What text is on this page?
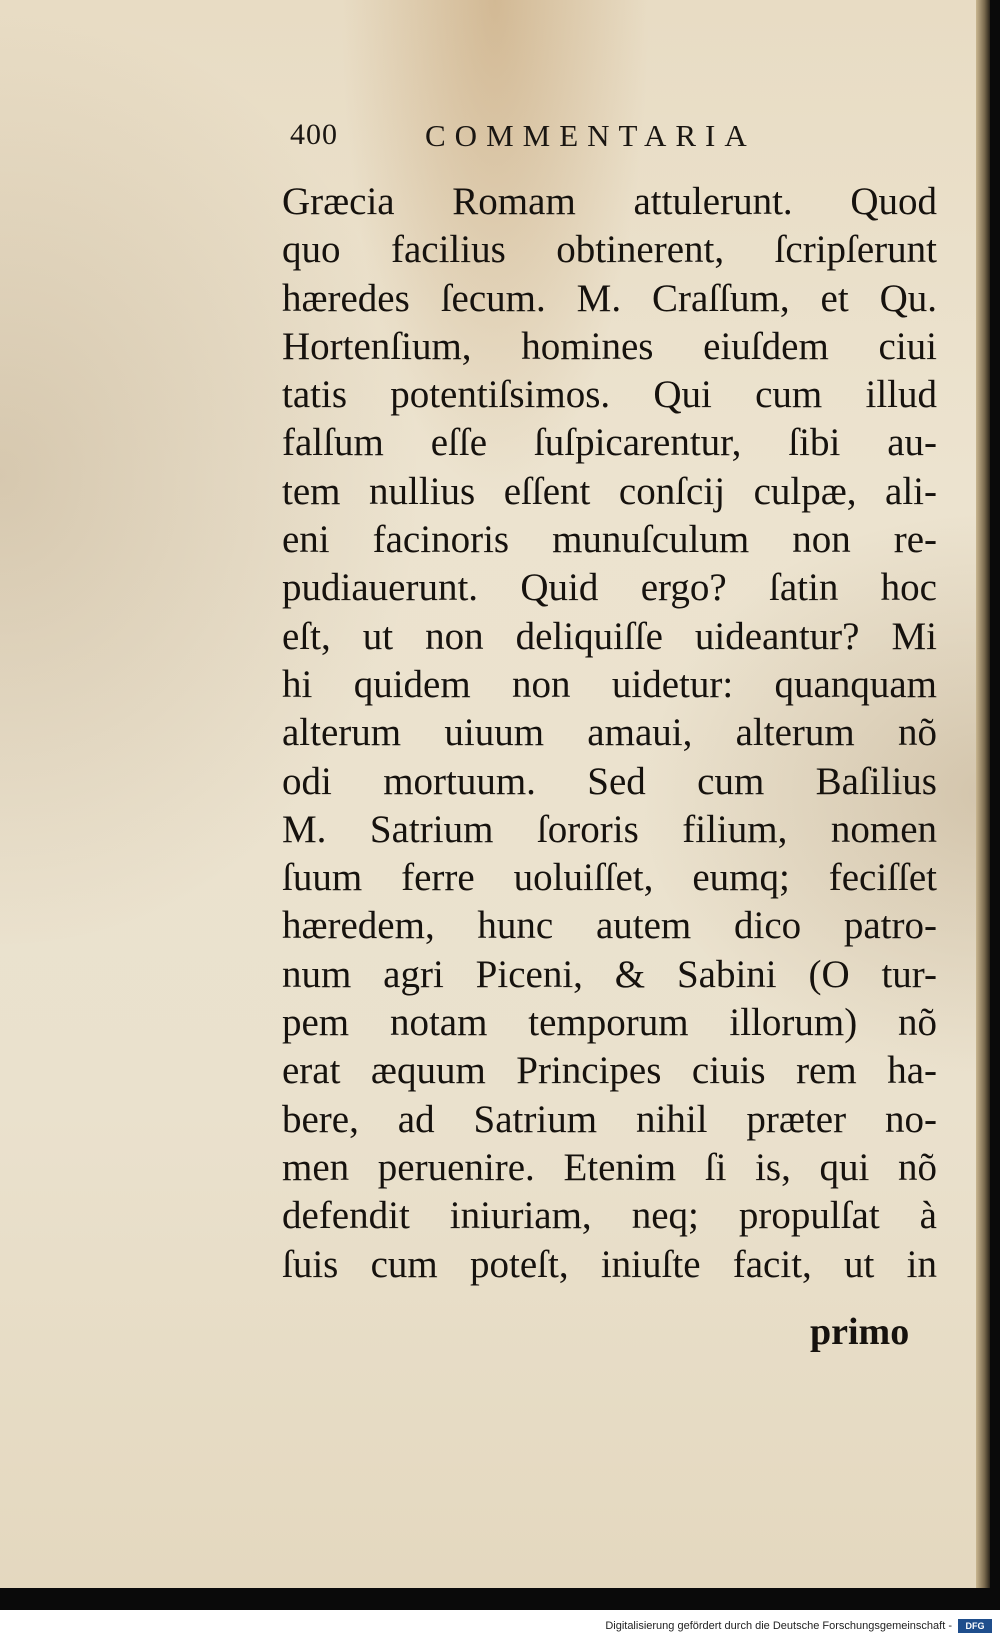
400	COMMENTARIA
Græcia Romam attulerunt. Quod
quo facilius obtinerent, ſcripſerunt
hæredes ſecum. M. Craſſum, et Qu.
Hortenſium, homines eiuſdem ciui
tatis potentiſsimos. Qui cum illud
falſum eſſe ſuſpicarentur, ſibi au-
tem nullius eſſent conſcij culpæ, ali-
eni facinoris munuſculum non re-
pudiauerunt. Quid ergo? ſatin hoc
eſt, ut non deliquiſſe uideantur? Mi
hi quidem non uidetur: quanquam
alterum uiuum amaui, alterum nõ
odi mortuum. Sed cum Baſilius
M. Satrium ſororis filium, nomen
ſuum ferre uoluiſſet, eumq; feciſſet
hæredem, hunc autem dico patro-
num agri Piceni, & Sabini (O tur-
pem notam temporum illorum) nõ
erat æquum Principes ciuis rem ha-
bere, ad Satrium nihil præter no-
men peruenire. Etenim ſi is, qui nõ
defendit iniuriam, neq; propulſat à
ſuis cum poteſt, iniuſte facit, ut in
primo
Digitalisierung gefördert durch die Deutsche Forschungsgemeinschaft -	DFG
